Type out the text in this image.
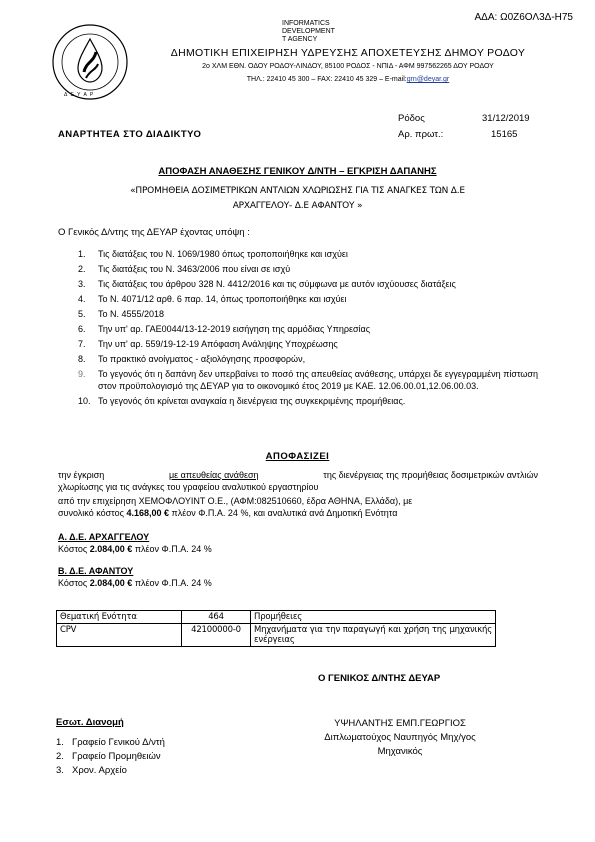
ΑΔΑ: Ω0Ζ6ΟΛ3Δ-Η75
Δ Ε Υ Α Ρ
INFORMATICS
DEVELOPMENT
T AGENCY
ΔΗΜΟΤΙΚΗ ΕΠΙΧΕΙΡΗΣΗ ΥΔΡΕΥΣΗΣ ΑΠΟΧΕΤΕΥΣΗΣ ΔΗΜΟΥ ΡΟΔΟΥ
2ο ΧΛΜ ΕΘΝ. ΟΔΟΥ ΡΟΔΟΥ-ΛΙΝΔΟΥ, 85100 ΡΟΔΟΣ - ΝΠΙΔ - ΑΦΜ 997562265 ΔΟΥ ΡΟΔΟΥ
ΤΗΛ.: 22410 45 300 – FAX: 22410 45 329 – E-mail:grn@deyar.gr
Ρόδος	31/12/2019
Αρ. πρωτ.:	15165
ΑΝΑΡΤΗΤΕΑ ΣΤΟ ΔΙΑΔΙΚΤΥΟ
ΑΠΟΦΑΣΗ ΑΝΑΘΕΣΗΣ ΓΕΝΙΚΟΥ Δ/ΝΤΗ – ΕΓΚΡΙΣΗ ΔΑΠΑΝΗΣ
«ΠΡΟΜΗΘΕΙΑ ΔΟΣΙΜΕΤΡΙΚΩΝ ΑΝΤΛΙΩΝ ΧΛΩΡΙΩΣΗΣ ΓΙΑ ΤΙΣ ΑΝΑΓΚΕΣ ΤΩΝ Δ.Ε
ΑΡΧΑΓΓΕΛΟΥ- Δ.Ε ΑΦΑΝΤΟΥ »
Ο Γενικός Δ/ντης της ΔΕΥΑΡ έχοντας υπόψη :
1. Τις διατάξεις του Ν. 1069/1980 όπως τροποποιήθηκε και ισχύει
2. Τις διατάξεις του Ν. 3463/2006 που είναι σε ισχύ
3. Τις διατάξεις του άρθρου 328 Ν. 4412/2016 και τις σύμφωνα με αυτόν ισχύουσες διατάξεις
4. Το Ν. 4071/12 αρθ. 6 παρ. 14, όπως τροποποιήθηκε και ισχύει
5. Το Ν. 4555/2018
6. Την υπ' αρ. ΓΑΕ0044/13-12-2019 εισήγηση της αρμόδιας Υπηρεσίας
7. Την υπ' αρ. 559/19-12-19 Απόφαση Ανάληψης Υποχρέωσης
8. Το πρακτικό ανοίγματος - αξιολόγησης προσφορών,
9. Το γεγονός ότι η δαπάνη δεν υπερβαίνει το ποσό της απευθείας ανάθεσης, υπάρχει δε εγγεγραμμένη πίστωση στον προϋπολογισμό της ΔΕΥΑΡ για το οικονομικό έτος 2019 με ΚΑΕ. 12.06.00.01,12.06.00.03.
10. Το γεγονός ότι κρίνεται αναγκαία η διενέργεια της συγκεκριμένης προμήθειας.
ΑΠΟΦΑΣΙΖΕΙ
την έγκριση	με απευθείας ανάθεση	της διενέργειας της προμήθειας δοσιμετρικών αντλιών
χλωρίωσης για τις ανάγκες του γραφείου αναλυτικού εργαστηρίου
από την επιχείρηση ΧΕΜΟΦΛΟΥΙΝΤ Ο.Ε., (ΑΦΜ:082510660, έδρα ΑΘΗΝΑ, Ελλάδα), με
συνολικό κόστος 4.168,00 € πλέον Φ.Π.Α. 24 %, και αναλυτικά ανά Δημοτική Ενότητα
Α. Δ.Ε. ΑΡΧΑΓΓΕΛΟΥ
Κόστος 2.084,00 € πλέον Φ.Π.Α. 24 %
Β. Δ.Ε. ΑΦΑΝΤΟΥ
Κόστος 2.084,00 € πλέον Φ.Π.Α. 24 %
Θεματική Ενότητα	464	Προμήθειες
CPV	42100000-0	Μηχανήματα για την παραγωγή και χρήση της μηχανικής ενέργειας
Ο ΓΕΝΙΚΟΣ Δ/ΝΤΗΣ ΔΕΥΑΡ
Εσωτ. Διανομή
1. Γραφείο Γενικού Δ/ντή
2. Γραφείο Προμηθειών
3. Χρον. Αρχείο
ΥΨΗΛΑΝΤΗΣ ΕΜΠ.ΓΕΩΡΓΙΟΣ
Διπλωματούχος Ναυπηγός Μηχ/γος
Μηχανικός
